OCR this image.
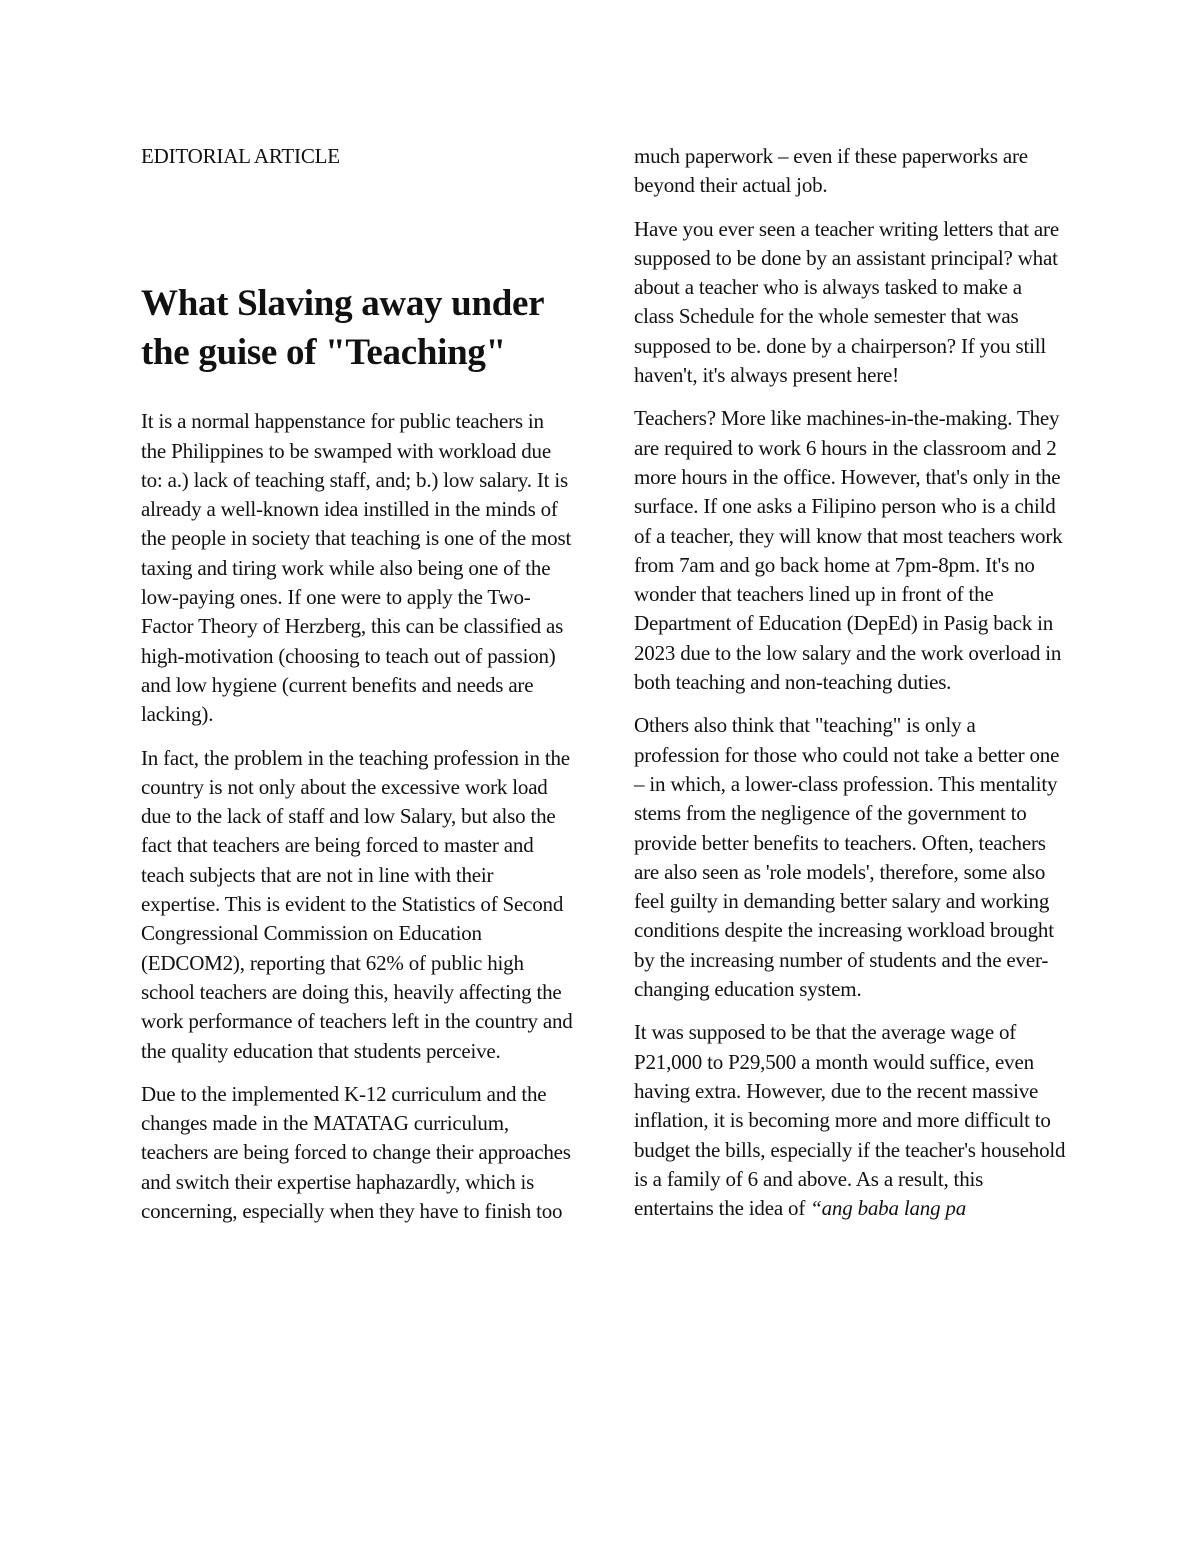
EDITORIAL ARTICLE

What Slaving away under the guise of "Teaching"

It is a normal happenstance for public teachers in the Philippines to be swamped with workload due to: a.) lack of teaching staff, and; b.) low salary. It is already a well-known idea instilled in the minds of the people in society that teaching is one of the most taxing and tiring work while also being one of the low-paying ones. If one were to apply the Two-Factor Theory of Herzberg, this can be classified as high-motivation (choosing to teach out of passion) and low hygiene (current benefits and needs are lacking).

In fact, the problem in the teaching profession in the country is not only about the excessive work load due to the lack of staff and low Salary, but also the fact that teachers are being forced to master and teach subjects that are not in line with their expertise. This is evident to the Statistics of Second Congressional Commission on Education (EDCOM2), reporting that 62% of public high school teachers are doing this, heavily affecting the work performance of teachers left in the country and the quality education that students perceive.

Due to the implemented K-12 curriculum and the changes made in the MATATAG curriculum, teachers are being forced to change their approaches and switch their expertise haphazardly, which is concerning, especially when they have to finish too

much paperwork – even if these paperworks are beyond their actual job.

Have you ever seen a teacher writing letters that are supposed to be done by an assistant principal? what about a teacher who is always tasked to make a class Schedule for the whole semester that was supposed to be. done by a chairperson? If you still haven't, it's always present here!

Teachers? More like machines-in-the-making. They are required to work 6 hours in the classroom and 2 more hours in the office. However, that's only in the surface. If one asks a Filipino person who is a child of a teacher, they will know that most teachers work from 7am and go back home at 7pm-8pm. It's no wonder that teachers lined up in front of the Department of Education (DepEd) in Pasig back in 2023 due to the low salary and the work overload in both teaching and non-teaching duties.

Others also think that "teaching" is only a profession for those who could not take a better one – in which, a lower-class profession. This mentality stems from the negligence of the government to provide better benefits to teachers. Often, teachers are also seen as 'role models', therefore, some also feel guilty in demanding better salary and working conditions despite the increasing workload brought by the increasing number of students and the ever-changing education system.

It was supposed to be that the average wage of P21,000 to P29,500 a month would suffice, even having extra. However, due to the recent massive inflation, it is becoming more and more difficult to budget the bills, especially if the teacher's household is a family of 6 and above. As a result, this entertains the idea of “ang baba lang pa
